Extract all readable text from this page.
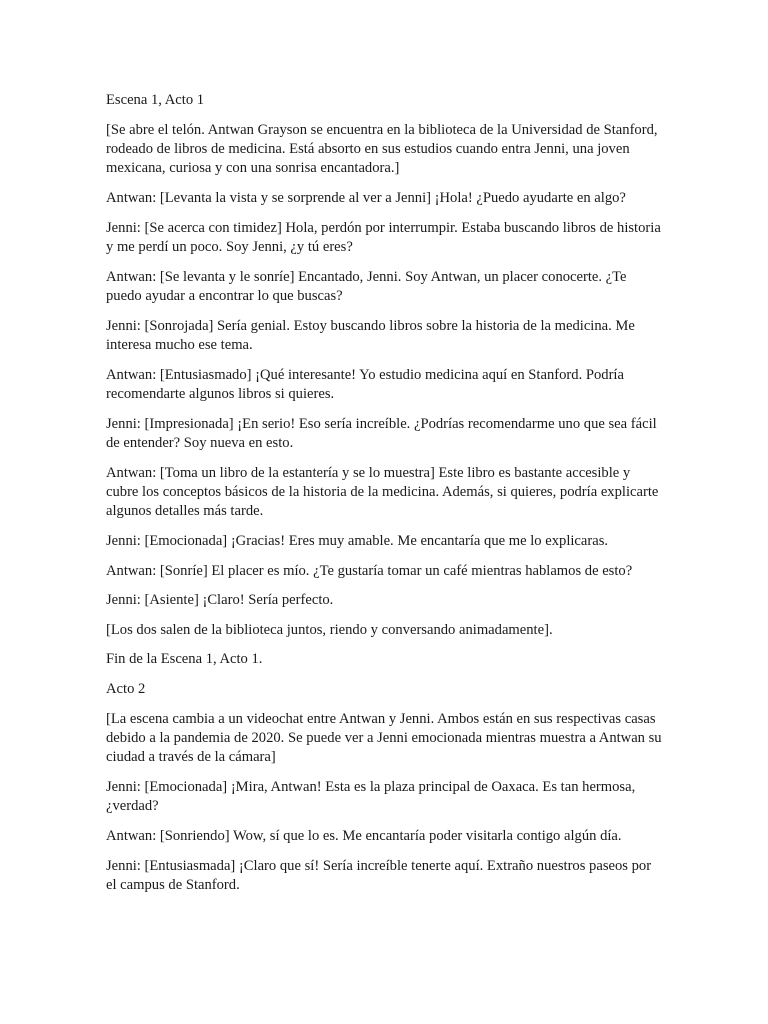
Escena 1, Acto 1

[Se abre el telón. Antwan Grayson se encuentra en la biblioteca de la Universidad de Stanford, rodeado de libros de medicina. Está absorto en sus estudios cuando entra Jenni, una joven mexicana, curiosa y con una sonrisa encantadora.]

Antwan: [Levanta la vista y se sorprende al ver a Jenni] ¡Hola! ¿Puedo ayudarte en algo?

Jenni: [Se acerca con timidez] Hola, perdón por interrumpir. Estaba buscando libros de historia y me perdí un poco. Soy Jenni, ¿y tú eres?

Antwan: [Se levanta y le sonríe] Encantado, Jenni. Soy Antwan, un placer conocerte. ¿Te puedo ayudar a encontrar lo que buscas?

Jenni: [Sonrojada] Sería genial. Estoy buscando libros sobre la historia de la medicina. Me interesa mucho ese tema.

Antwan: [Entusiasmado] ¡Qué interesante! Yo estudio medicina aquí en Stanford. Podría recomendarte algunos libros si quieres.

Jenni: [Impresionada] ¡En serio! Eso sería increíble. ¿Podrías recomendarme uno que sea fácil de entender? Soy nueva en esto.

Antwan: [Toma un libro de la estantería y se lo muestra] Este libro es bastante accesible y cubre los conceptos básicos de la historia de la medicina. Además, si quieres, podría explicarte algunos detalles más tarde.

Jenni: [Emocionada] ¡Gracias! Eres muy amable. Me encantaría que me lo explicaras.

Antwan: [Sonríe] El placer es mío. ¿Te gustaría tomar un café mientras hablamos de esto?

Jenni: [Asiente] ¡Claro! Sería perfecto.

[Los dos salen de la biblioteca juntos, riendo y conversando animadamente].

Fin de la Escena 1, Acto 1.

Acto 2

[La escena cambia a un videochat entre Antwan y Jenni. Ambos están en sus respectivas casas debido a la pandemia de 2020. Se puede ver a Jenni emocionada mientras muestra a Antwan su ciudad a través de la cámara]

Jenni: [Emocionada] ¡Mira, Antwan! Esta es la plaza principal de Oaxaca. Es tan hermosa, ¿verdad?

Antwan: [Sonriendo] Wow, sí que lo es. Me encantaría poder visitarla contigo algún día.

Jenni: [Entusiasmada] ¡Claro que sí! Sería increíble tenerte aquí. Extraño nuestros paseos por el campus de Stanford.
